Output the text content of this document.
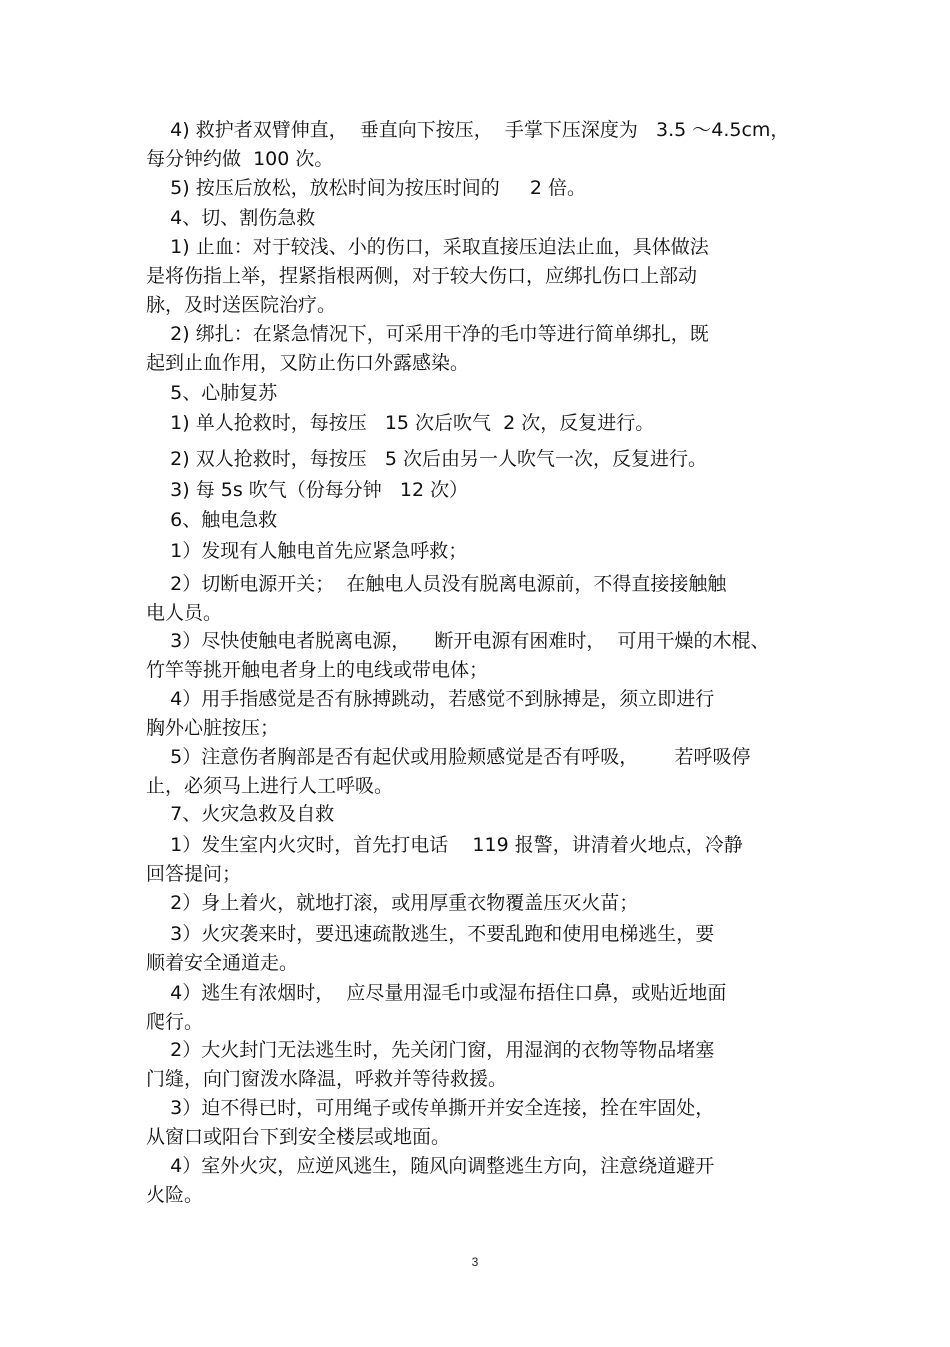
4) 救护者双臂伸直，  垂直向下按压，  手掌下压深度为   3.5 ～4.5cm，
每分钟约做  100 次。
5) 按压后放松，放松时间为按压时间的     2 倍。
4、切、割伤急救
1) 止血：对于较浅、小的伤口，采取直接压迫法止血，具体做法
是将伤指上举，捏紧指根两侧，对于较大伤口，应绑扎伤口上部动
脉，及时送医院治疗。
2) 绑扎：在紧急情况下，可采用干净的毛巾等进行简单绑扎，既
起到止血作用，又防止伤口外露感染。
5、心肺复苏
1) 单人抢救时，每按压   15 次后吹气  2 次，反复进行。
2) 双人抢救时，每按压   5 次后由另一人吹气一次，反复进行。
3) 每 5s 吹气（份每分钟   12 次）
6、触电急救
1）发现有人触电首先应紧急呼救；
2）切断电源开关；  在触电人员没有脱离电源前，不得直接接触触
电人员。
3）尽快使触电者脱离电源，    断开电源有困难时，  可用干燥的木棍、
竹竿等挑开触电者身上的电线或带电体；
4）用手指感觉是否有脉搏跳动，若感觉不到脉搏是，须立即进行
胸外心脏按压；
5）注意伤者胸部是否有起伏或用脸颊感觉是否有呼吸，      若呼吸停
止，必须马上进行人工呼吸。
7、火灾急救及自救
1）发生室内火灾时，首先打电话    119 报警，讲清着火地点，冷静
回答提问；
2）身上着火，就地打滚，或用厚重衣物覆盖压灭火苗；
3）火灾袭来时，要迅速疏散逃生，不要乱跑和使用电梯逃生，要
顺着安全通道走。
4）逃生有浓烟时，  应尽量用湿毛巾或湿布捂住口鼻，或贴近地面
爬行。
2）大火封门无法逃生时，先关闭门窗，用湿润的衣物等物品堵塞
门缝，向门窗泼水降温，呼救并等待救援。
3）迫不得已时，可用绳子或传单撕开并安全连接，拴在牢固处，
从窗口或阳台下到安全楼层或地面。
4）室外火灾，应逆风逃生，随风向调整逃生方向，注意绕道避开
火险。
3
